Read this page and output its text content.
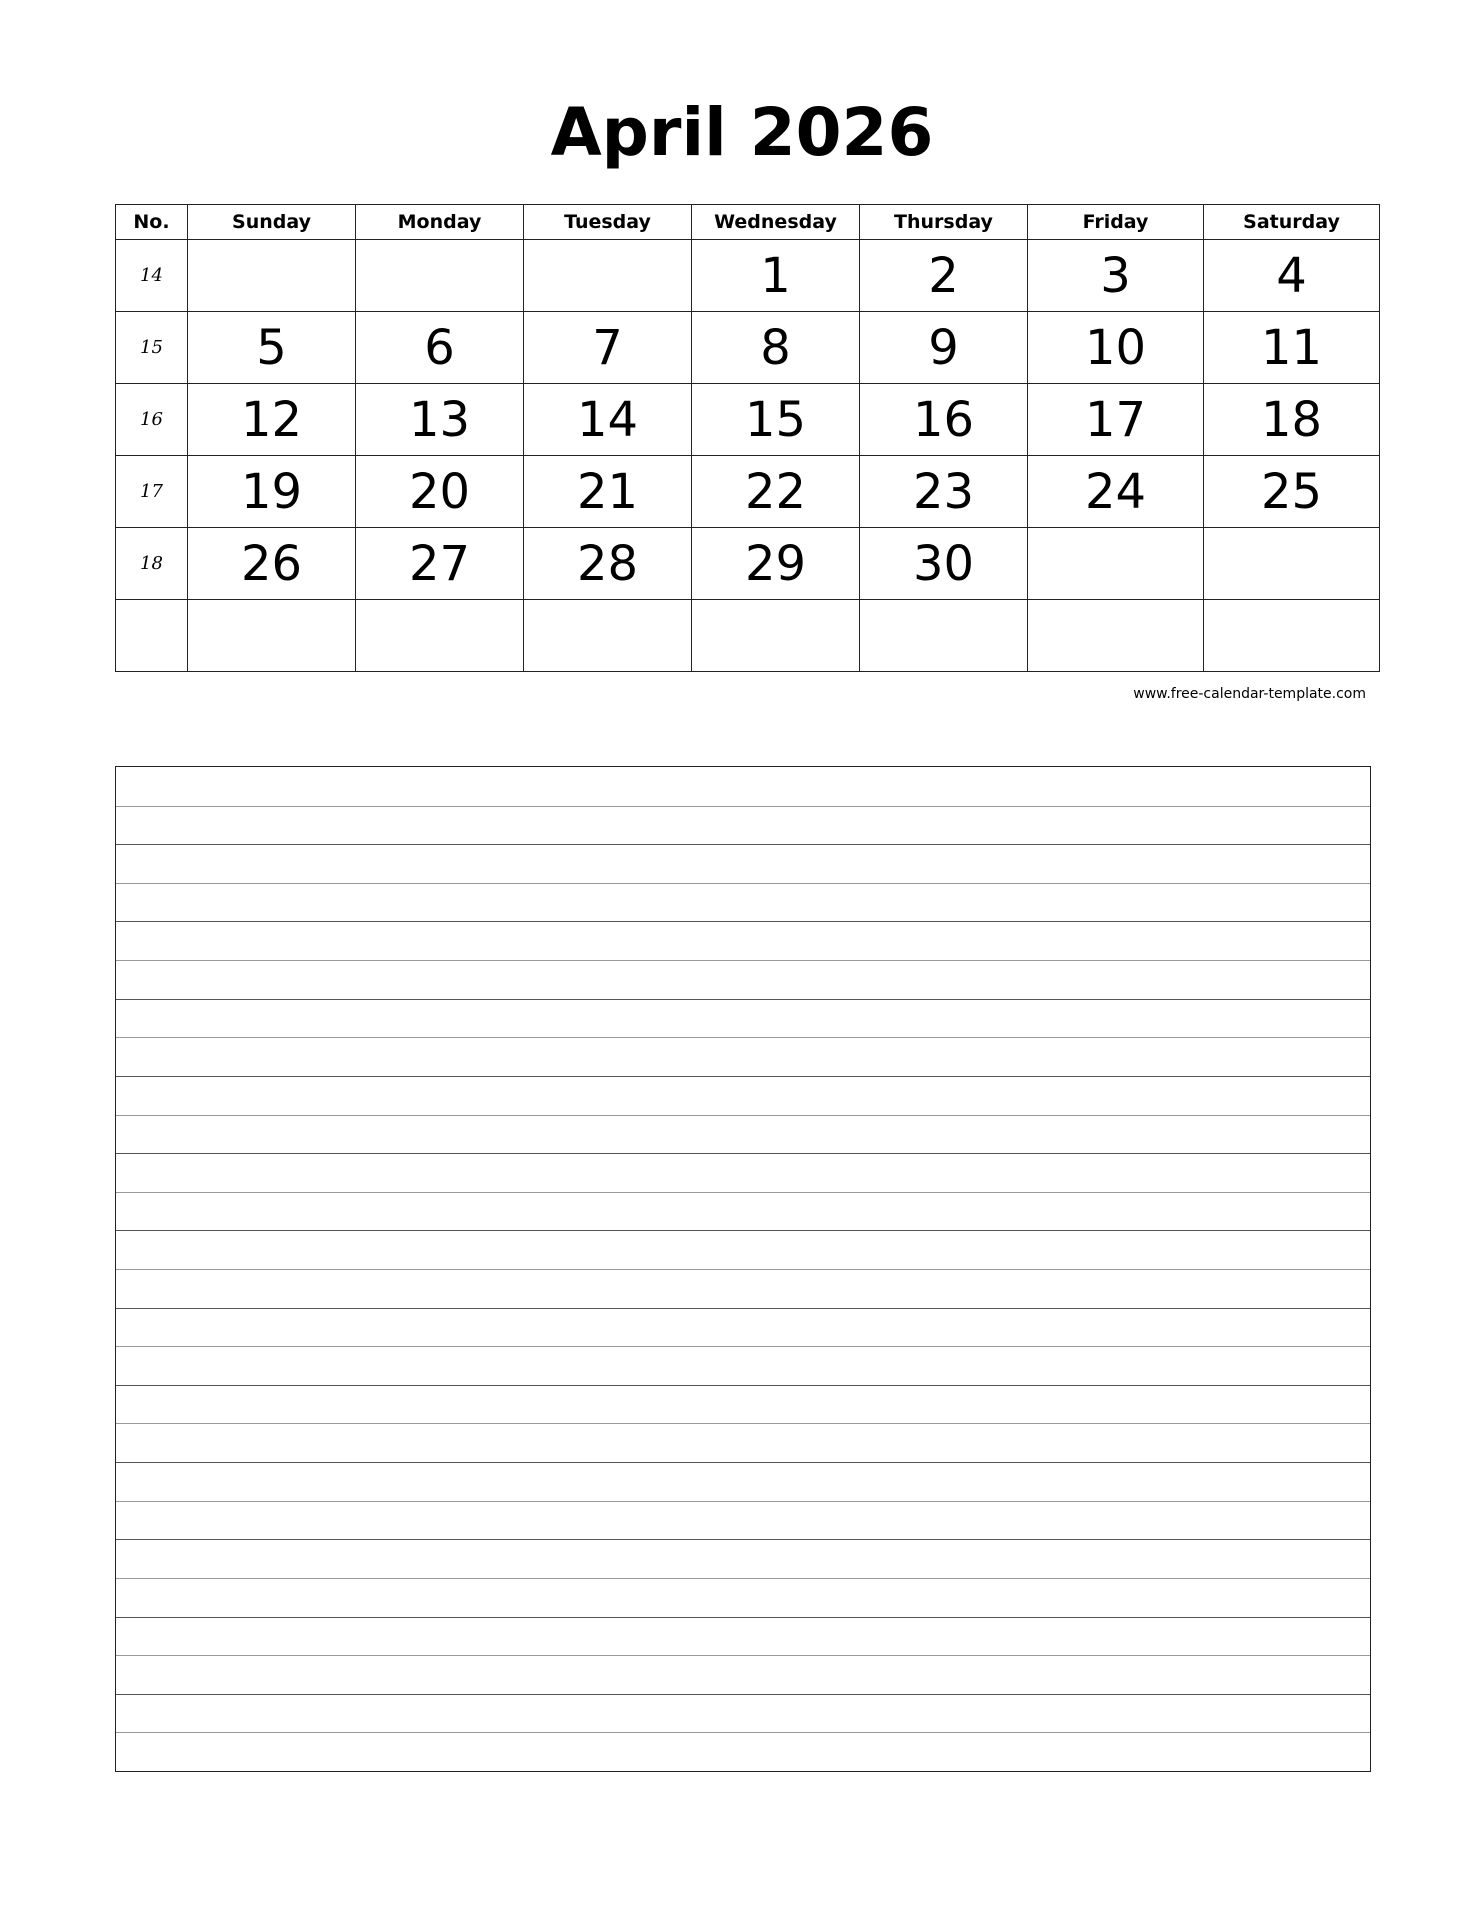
April 2026
No.	Sunday	Monday	Tuesday	Wednesday	Thursday	Friday	Saturday
14				1	2	3	4
15	5	6	7	8	9	10	11
16	12	13	14	15	16	17	18
17	19	20	21	22	23	24	25
18	26	27	28	29	30		

www.free-calendar-template.com
